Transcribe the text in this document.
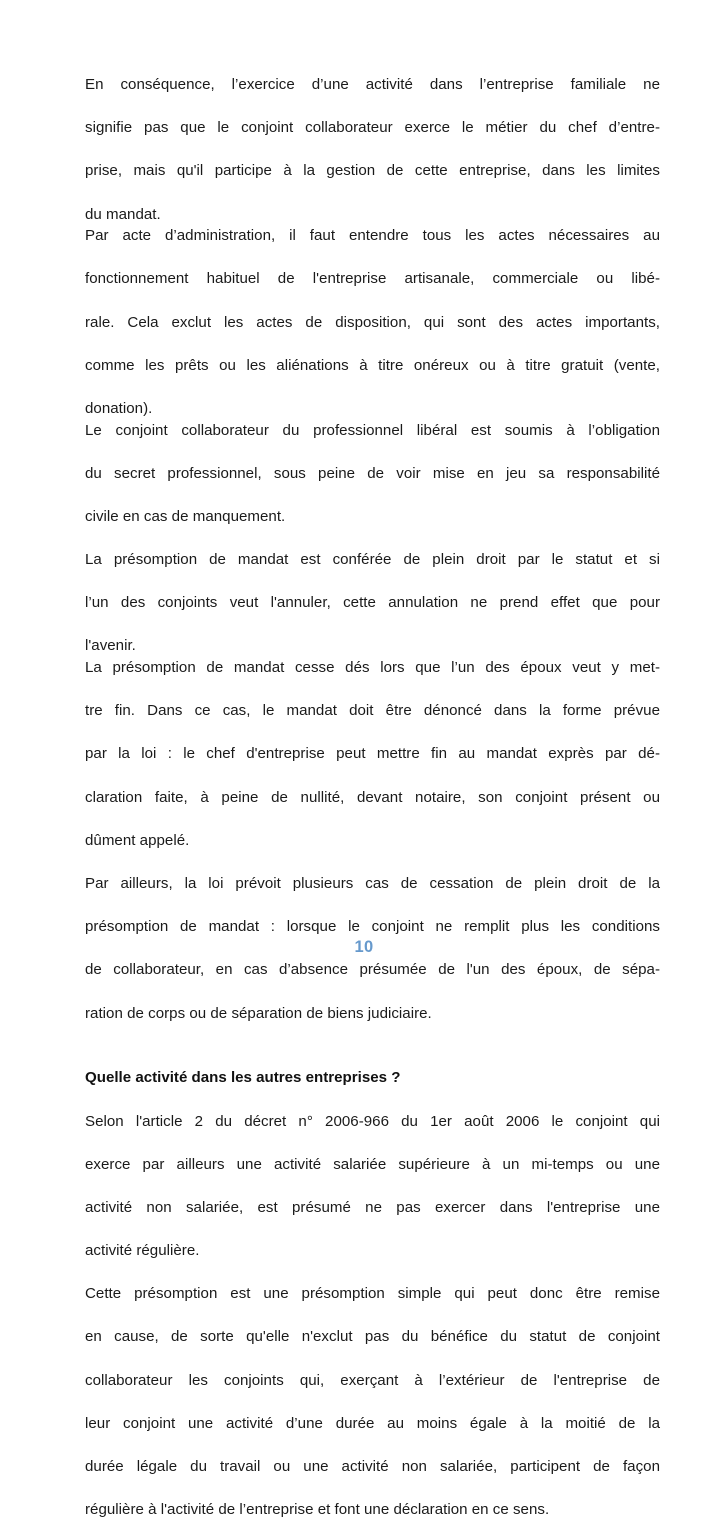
En conséquence, l’exercice d’une activité dans l’entreprise familiale ne
signifie pas que le conjoint collaborateur exerce le métier du chef d’entre-
prise, mais qu'il participe à la gestion de cette entreprise, dans les limites
du mandat.

Par acte d’administration, il faut entendre tous les actes nécessaires au
fonctionnement habituel de l'entreprise artisanale, commerciale ou libé-
rale. Cela exclut les actes de disposition, qui sont des actes importants,
comme les prêts ou les aliénations à titre onéreux ou à titre gratuit (vente,
donation).

Le conjoint collaborateur du professionnel libéral est soumis à l’obligation
du secret professionnel, sous peine de voir mise en jeu sa responsabilité
civile en cas de manquement.

La présomption de mandat est conférée de plein droit par le statut et si
l’un des conjoints veut l'annuler, cette annulation ne prend effet que pour
l'avenir.

La présomption de mandat cesse dés lors que l’un des époux veut y met-
tre fin. Dans ce cas, le mandat doit être dénoncé dans la forme prévue
par la loi : le chef d'entreprise peut mettre fin au mandat exprès par dé-
claration faite, à peine de nullité, devant notaire, son conjoint présent ou
dûment appelé.

Par ailleurs, la loi prévoit plusieurs cas de cessation de plein droit de la
présomption de mandat : lorsque le conjoint ne remplit plus les conditions
de collaborateur, en cas d’absence présumée de l'un des époux, de sépa-
ration de corps ou de séparation de biens judiciaire.

Quelle activité dans les autres entreprises ?

Selon l'article 2 du décret n° 2006-966 du 1er août 2006 le conjoint qui
exerce par ailleurs une activité salariée supérieure à un mi-temps ou une
activité non salariée, est présumé ne pas exercer dans l'entreprise une
activité régulière.

Cette présomption est une présomption simple qui peut donc être remise
en cause, de sorte qu'elle n'exclut pas du bénéfice du statut de conjoint
collaborateur les conjoints qui, exerçant à l’extérieur de l'entreprise de
leur conjoint une activité d’une durée au moins égale à la moitié de la
durée légale du travail ou une activité non salariée, participent de façon
régulière à l'activité de l’entreprise et font une déclaration en ce sens.

10
